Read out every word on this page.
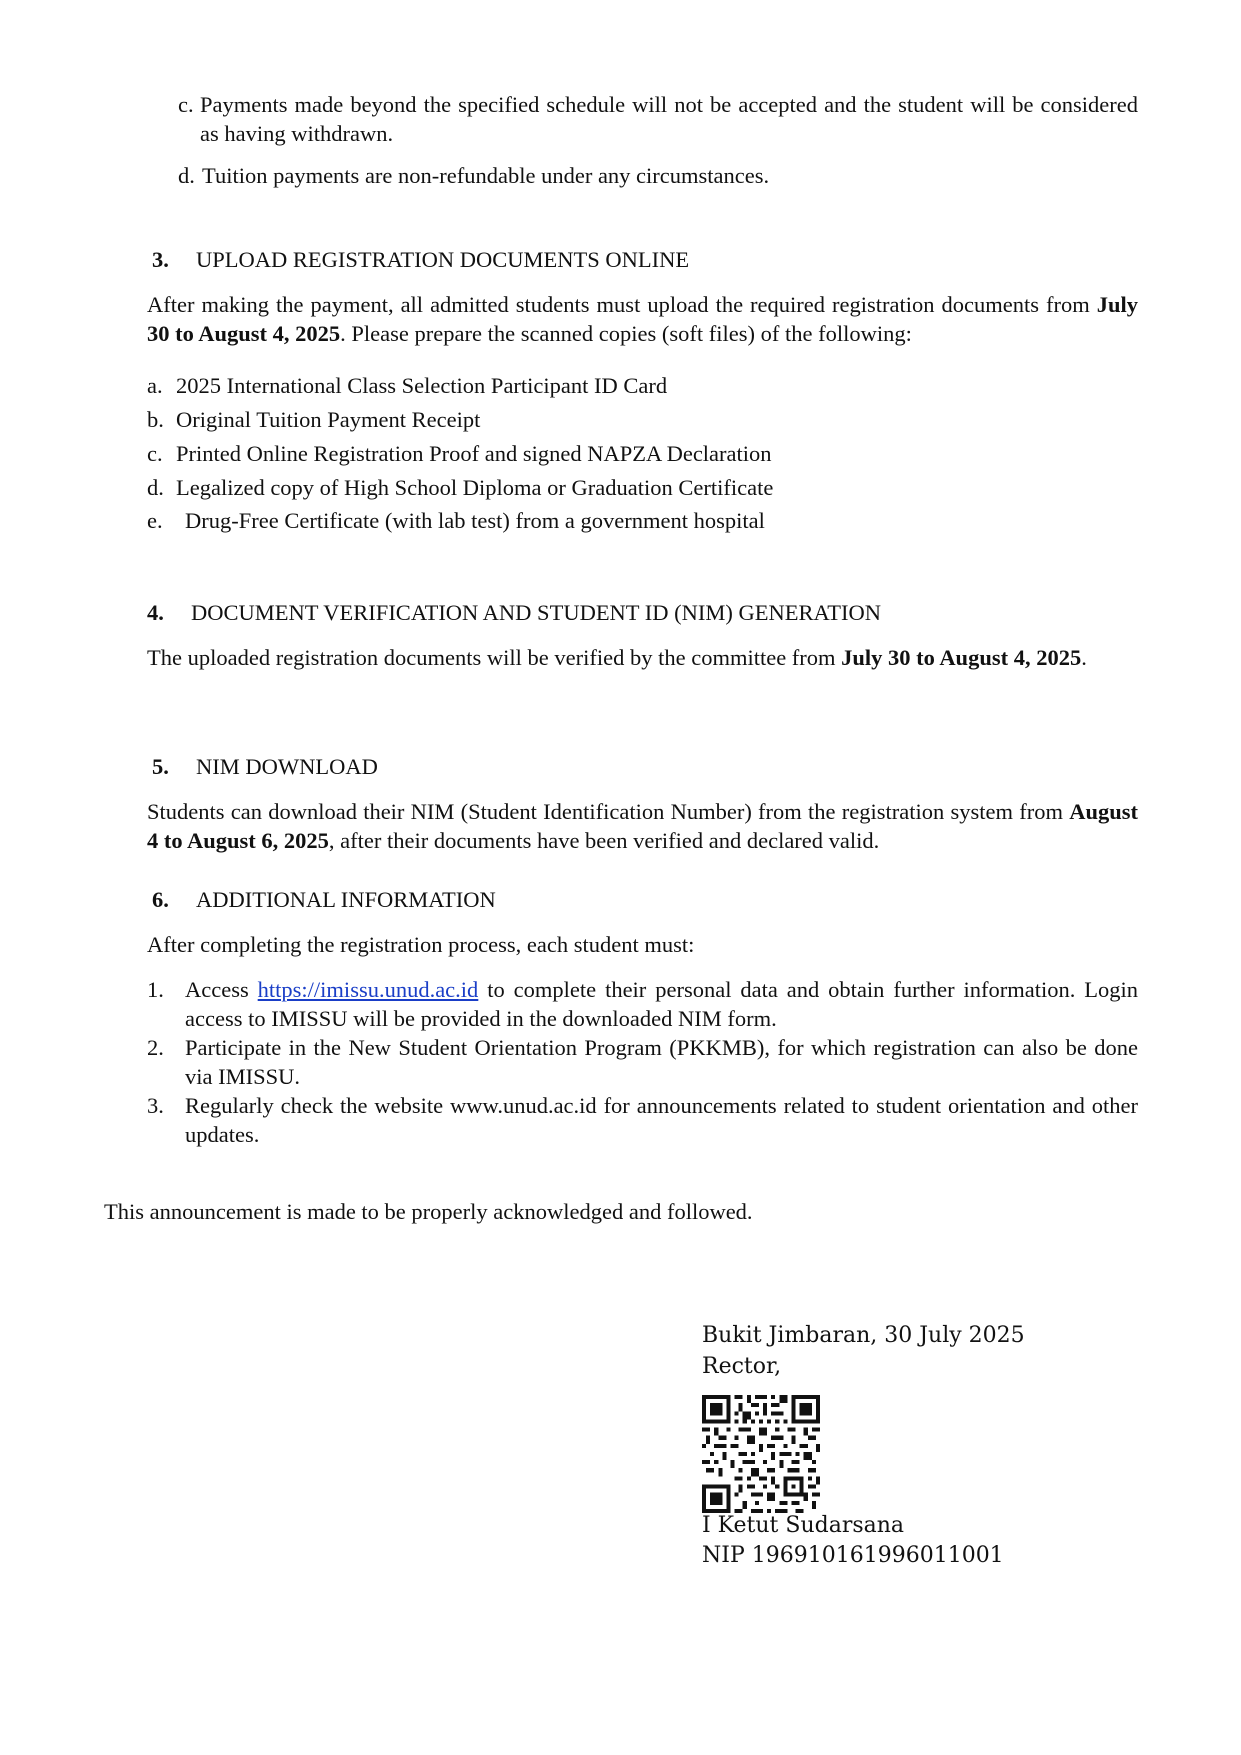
c. Payments made beyond the specified schedule will not be accepted and the student will be considered as having withdrawn.
d. Tuition payments are non-refundable under any circumstances.
3. UPLOAD REGISTRATION DOCUMENTS ONLINE
After making the payment, all admitted students must upload the required registration documents from July 30 to August 4, 2025. Please prepare the scanned copies (soft files) of the following:
a. 2025 International Class Selection Participant ID Card
b. Original Tuition Payment Receipt
c. Printed Online Registration Proof and signed NAPZA Declaration
d. Legalized copy of High School Diploma or Graduation Certificate
e. Drug-Free Certificate (with lab test) from a government hospital
4. DOCUMENT VERIFICATION AND STUDENT ID (NIM) GENERATION
The uploaded registration documents will be verified by the committee from July 30 to August 4, 2025.
5. NIM DOWNLOAD
Students can download their NIM (Student Identification Number) from the registration system from August 4 to August 6, 2025, after their documents have been verified and declared valid.
6. ADDITIONAL INFORMATION
After completing the registration process, each student must:
1. Access https://imissu.unud.ac.id to complete their personal data and obtain further information. Login access to IMISSU will be provided in the downloaded NIM form.
2. Participate in the New Student Orientation Program (PKKMB), for which registration can also be done via IMISSU.
3. Regularly check the website www.unud.ac.id for announcements related to student orientation and other updates.
This announcement is made to be properly acknowledged and followed.
Bukit Jimbaran, 30 July 2025
Rector,
I Ketut Sudarsana
NIP 196910161996011001
